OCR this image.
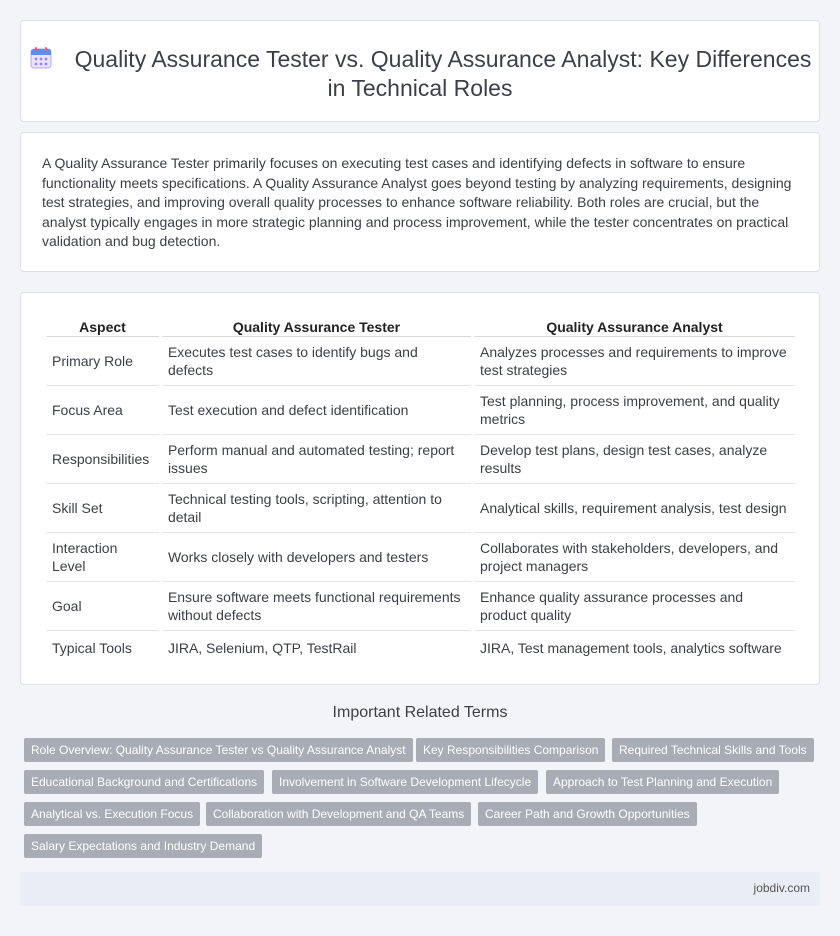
Quality Assurance Tester vs. Quality Assurance Analyst: Key Differences in Technical Roles

A Quality Assurance Tester primarily focuses on executing test cases and identifying defects in software to ensure functionality meets specifications. A Quality Assurance Analyst goes beyond testing by analyzing requirements, designing test strategies, and improving overall quality processes to enhance software reliability. Both roles are crucial, but the analyst typically engages in more strategic planning and process improvement, while the tester concentrates on practical validation and bug detection.

Aspect	Quality Assurance Tester	Quality Assurance Analyst
Primary Role	Executes test cases to identify bugs and defects	Analyzes processes and requirements to improve test strategies
Focus Area	Test execution and defect identification	Test planning, process improvement, and quality metrics
Responsibilities	Perform manual and automated testing; report issues	Develop test plans, design test cases, analyze results
Skill Set	Technical testing tools, scripting, attention to detail	Analytical skills, requirement analysis, test design
Interaction Level	Works closely with developers and testers	Collaborates with stakeholders, developers, and project managers
Goal	Ensure software meets functional requirements without defects	Enhance quality assurance processes and product quality
Typical Tools	JIRA, Selenium, QTP, TestRail	JIRA, Test management tools, analytics software
Important Related Terms
Role Overview: Quality Assurance Tester vs Quality Assurance Analyst	Key Responsibilities Comparison	Required Technical Skills and Tools
Educational Background and Certifications	Involvement in Software Development Lifecycle	Approach to Test Planning and Execution
Analytical vs. Execution Focus	Collaboration with Development and QA Teams	Career Path and Growth Opportunities
Salary Expectations and Industry Demand
jobdiv.com
